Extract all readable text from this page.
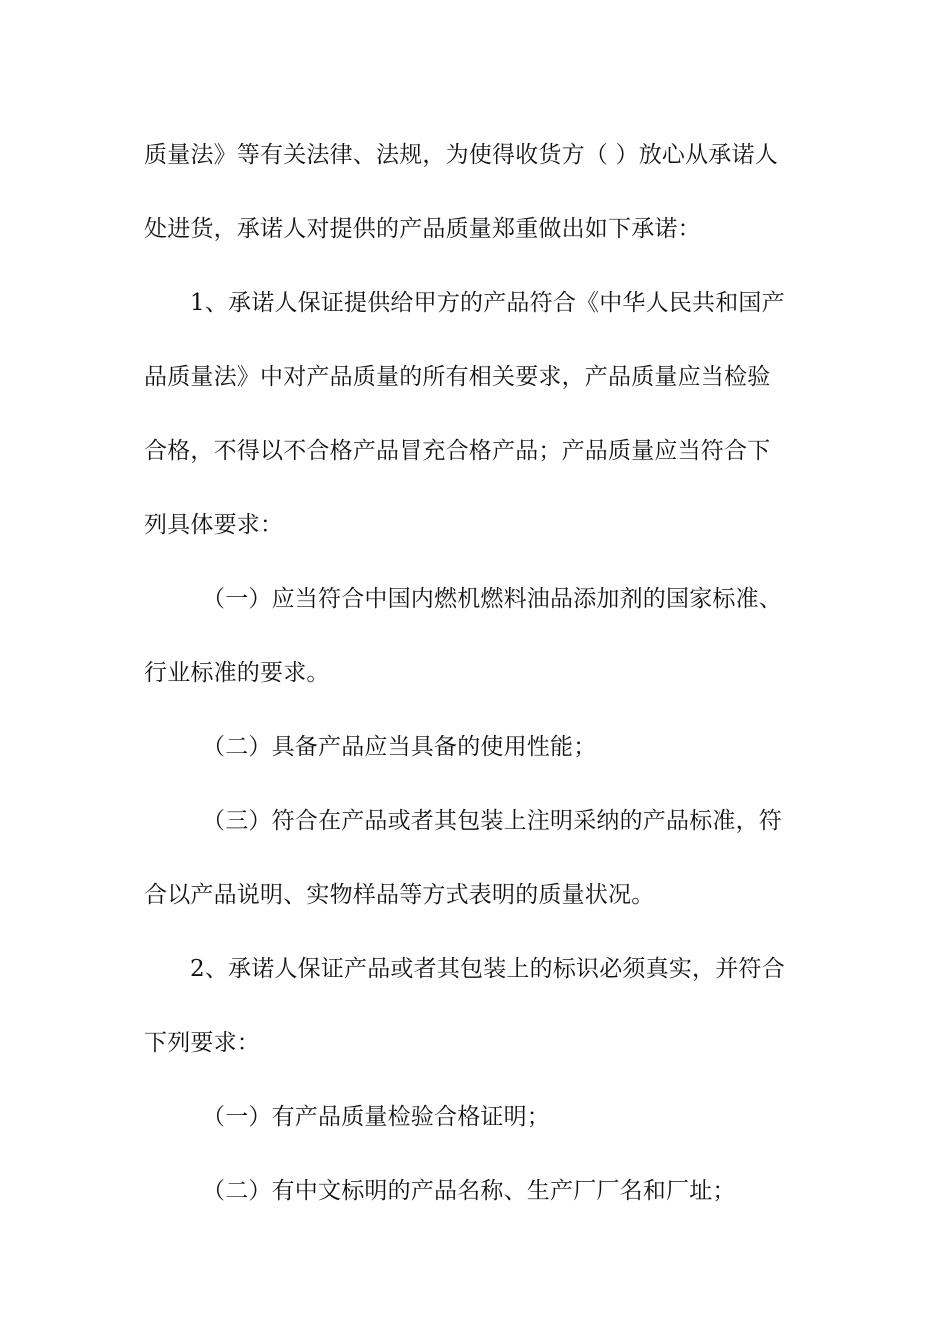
质量法》等有关法律、法规，为使得收货方（ ）放心从承诺人
处进货，承诺人对提供的产品质量郑重做出如下承诺：
1、承诺人保证提供给甲方的产品符合《中华人民共和国产
品质量法》中对产品质量的所有相关要求，产品质量应当检验
合格，不得以不合格产品冒充合格产品；产品质量应当符合下
列具体要求：
（一）应当符合中国内燃机燃料油品添加剂的国家标准、
行业标准的要求。
（二）具备产品应当具备的使用性能；
（三）符合在产品或者其包装上注明采纳的产品标准，符
合以产品说明、实物样品等方式表明的质量状况。
2、承诺人保证产品或者其包装上的标识必须真实，并符合
下列要求：
（一）有产品质量检验合格证明；
（二）有中文标明的产品名称、生产厂厂名和厂址；
